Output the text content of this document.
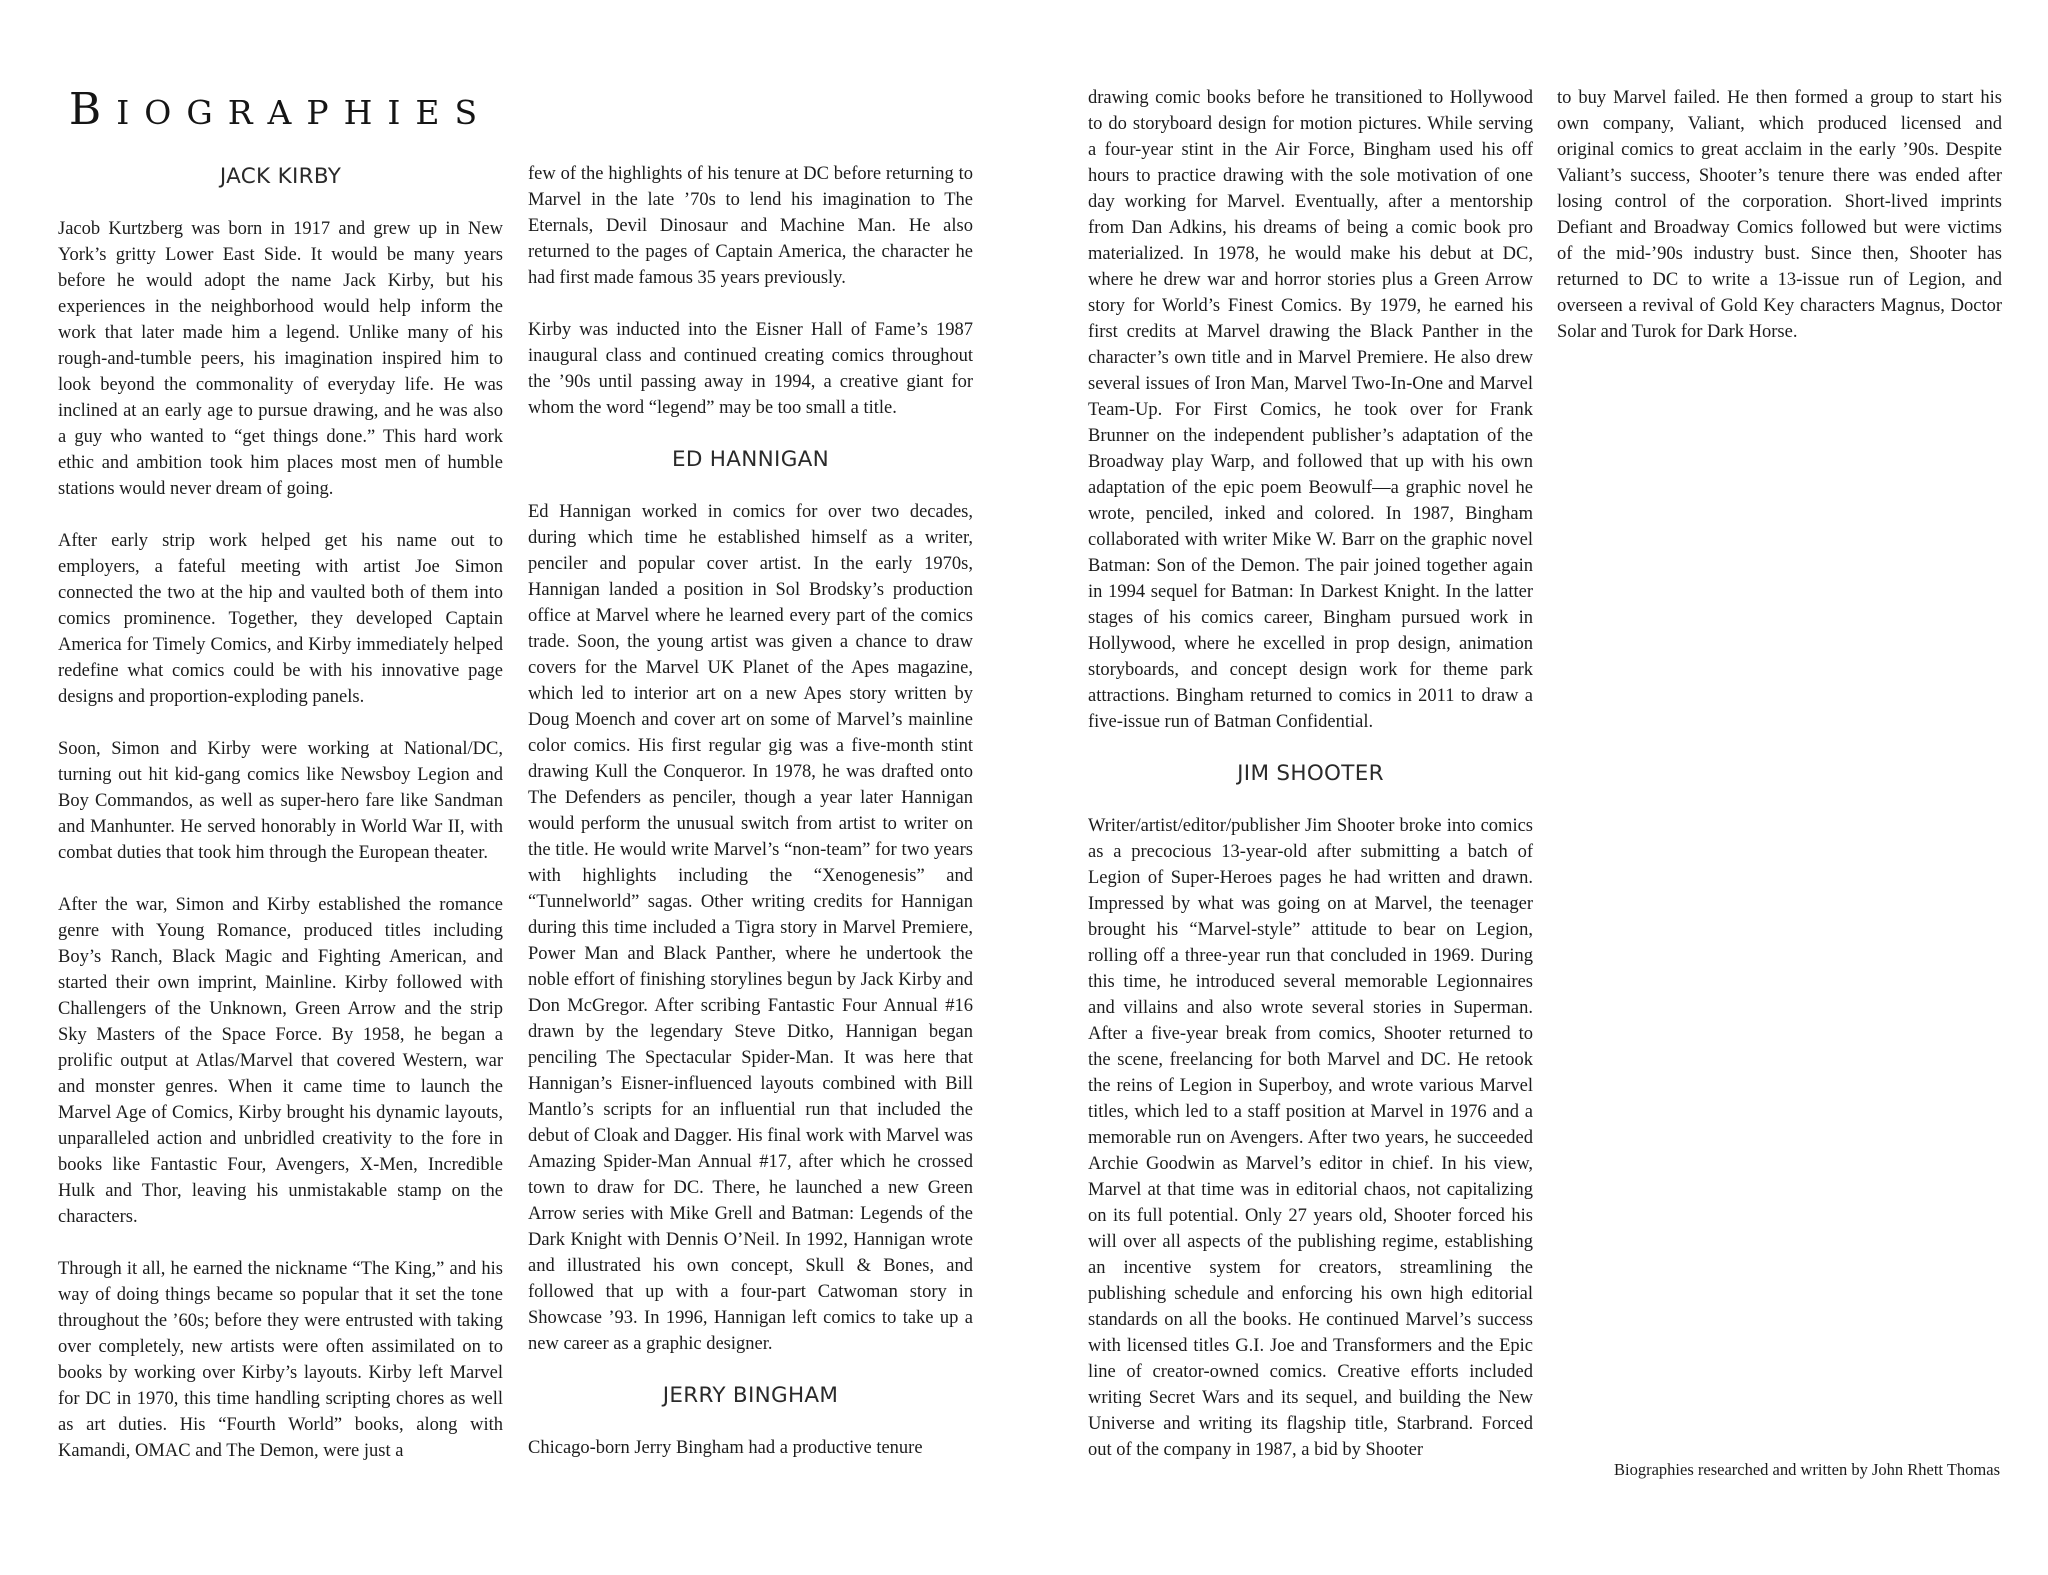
BIOGRAPHIES
JACK KIRBY

Jacob Kurtzberg was born in 1917 and grew up in New York’s gritty Lower East Side. It would be many years before he would adopt the name Jack Kirby, but his experiences in the neighborhood would help inform the work that later made him a legend. Unlike many of his rough-and-tumble peers, his imagination inspired him to look beyond the commonality of everyday life. He was inclined at an early age to pursue drawing, and he was also a guy who wanted to “get things done.” This hard work ethic and ambition took him places most men of humble stations would never dream of going.

After early strip work helped get his name out to employers, a fateful meeting with artist Joe Simon connected the two at the hip and vaulted both of them into comics prominence. Together, they developed Captain America for Timely Comics, and Kirby immediately helped redefine what comics could be with his innovative page designs and proportion-exploding panels.

Soon, Simon and Kirby were working at National/DC, turning out hit kid-gang comics like Newsboy Legion and Boy Commandos, as well as super-hero fare like Sandman and Manhunter. He served honorably in World War II, with combat duties that took him through the European theater.

After the war, Simon and Kirby established the romance genre with Young Romance, produced titles including Boy’s Ranch, Black Magic and Fighting American, and started their own imprint, Mainline. Kirby followed with Challengers of the Unknown, Green Arrow and the strip Sky Masters of the Space Force. By 1958, he began a prolific output at Atlas/Marvel that covered Western, war and monster genres. When it came time to launch the Marvel Age of Comics, Kirby brought his dynamic layouts, unparalleled action and unbridled creativity to the fore in books like Fantastic Four, Avengers, X-Men, Incredible Hulk and Thor, leaving his unmistakable stamp on the characters.

Through it all, he earned the nickname “The King,” and his way of doing things became so popular that it set the tone throughout the ’60s; before they were entrusted with taking over completely, new artists were often assimilated on to books by working over Kirby’s layouts. Kirby left Marvel for DC in 1970, this time handling scripting chores as well as art duties. His “Fourth World” books, along with Kamandi, OMAC and The Demon, were just a

few of the highlights of his tenure at DC before returning to Marvel in the late ’70s to lend his imagination to The Eternals, Devil Dinosaur and Machine Man. He also returned to the pages of Captain America, the character he had first made famous 35 years previously.

Kirby was inducted into the Eisner Hall of Fame’s 1987 inaugural class and continued creating comics throughout the ’90s until passing away in 1994, a creative giant for whom the word “legend” may be too small a title.

ED HANNIGAN

Ed Hannigan worked in comics for over two decades, during which time he established himself as a writer, penciler and popular cover artist. In the early 1970s, Hannigan landed a position in Sol Brodsky’s production office at Marvel where he learned every part of the comics trade. Soon, the young artist was given a chance to draw covers for the Marvel UK Planet of the Apes magazine, which led to interior art on a new Apes story written by Doug Moench and cover art on some of Marvel’s mainline color comics. His first regular gig was a five-month stint drawing Kull the Conqueror. In 1978, he was drafted onto The Defenders as penciler, though a year later Hannigan would perform the unusual switch from artist to writer on the title. He would write Marvel’s “non-team” for two years with highlights including the “Xenogenesis” and “Tunnelworld” sagas. Other writing credits for Hannigan during this time included a Tigra story in Marvel Premiere, Power Man and Black Panther, where he undertook the noble effort of finishing storylines begun by Jack Kirby and Don McGregor. After scribing Fantastic Four Annual #16 drawn by the legendary Steve Ditko, Hannigan began penciling The Spectacular Spider-Man. It was here that Hannigan’s Eisner-influenced layouts combined with Bill Mantlo’s scripts for an influential run that included the debut of Cloak and Dagger. His final work with Marvel was Amazing Spider-Man Annual #17, after which he crossed town to draw for DC. There, he launched a new Green Arrow series with Mike Grell and Batman: Legends of the Dark Knight with Dennis O’Neil. In 1992, Hannigan wrote and illustrated his own concept, Skull & Bones, and followed that up with a four-part Catwoman story in Showcase ’93. In 1996, Hannigan left comics to take up a new career as a graphic designer.

JERRY BINGHAM

Chicago-born Jerry Bingham had a productive tenure

drawing comic books before he transitioned to Hollywood to do storyboard design for motion pictures. While serving a four-year stint in the Air Force, Bingham used his off hours to practice drawing with the sole motivation of one day working for Marvel. Eventually, after a mentorship from Dan Adkins, his dreams of being a comic book pro materialized. In 1978, he would make his debut at DC, where he drew war and horror stories plus a Green Arrow story for World’s Finest Comics. By 1979, he earned his first credits at Marvel drawing the Black Panther in the character’s own title and in Marvel Premiere. He also drew several issues of Iron Man, Marvel Two-In-One and Marvel Team-Up. For First Comics, he took over for Frank Brunner on the independent publisher’s adaptation of the Broadway play Warp, and followed that up with his own adaptation of the epic poem Beowulf—a graphic novel he wrote, penciled, inked and colored. In 1987, Bingham collaborated with writer Mike W. Barr on the graphic novel Batman: Son of the Demon. The pair joined together again in 1994 sequel for Batman: In Darkest Knight. In the latter stages of his comics career, Bingham pursued work in Hollywood, where he excelled in prop design, animation storyboards, and concept design work for theme park attractions. Bingham returned to comics in 2011 to draw a five-issue run of Batman Confidential.

JIM SHOOTER

Writer/artist/editor/publisher Jim Shooter broke into comics as a precocious 13-year-old after submitting a batch of Legion of Super-Heroes pages he had written and drawn. Impressed by what was going on at Marvel, the teenager brought his “Marvel-style” attitude to bear on Legion, rolling off a three-year run that concluded in 1969. During this time, he introduced several memorable Legionnaires and villains and also wrote several stories in Superman. After a five-year break from comics, Shooter returned to the scene, freelancing for both Marvel and DC. He retook the reins of Legion in Superboy, and wrote various Marvel titles, which led to a staff position at Marvel in 1976 and a memorable run on Avengers. After two years, he succeeded Archie Goodwin as Marvel’s editor in chief. In his view, Marvel at that time was in editorial chaos, not capitalizing on its full potential. Only 27 years old, Shooter forced his will over all aspects of the publishing regime, establishing an incentive system for creators, streamlining the publishing schedule and enforcing his own high editorial standards on all the books. He continued Marvel’s success with licensed titles G.I. Joe and Transformers and the Epic line of creator-owned comics. Creative efforts included writing Secret Wars and its sequel, and building the New Universe and writing its flagship title, Starbrand. Forced out of the company in 1987, a bid by Shooter

to buy Marvel failed. He then formed a group to start his own company, Valiant, which produced licensed and original comics to great acclaim in the early ’90s. Despite Valiant’s success, Shooter’s tenure there was ended after losing control of the corporation. Short-lived imprints Defiant and Broadway Comics followed but were victims of the mid-’90s industry bust. Since then, Shooter has returned to DC to write a 13-issue run of Legion, and overseen a revival of Gold Key characters Magnus, Doctor Solar and Turok for Dark Horse.

Biographies researched and written by John Rhett Thomas
